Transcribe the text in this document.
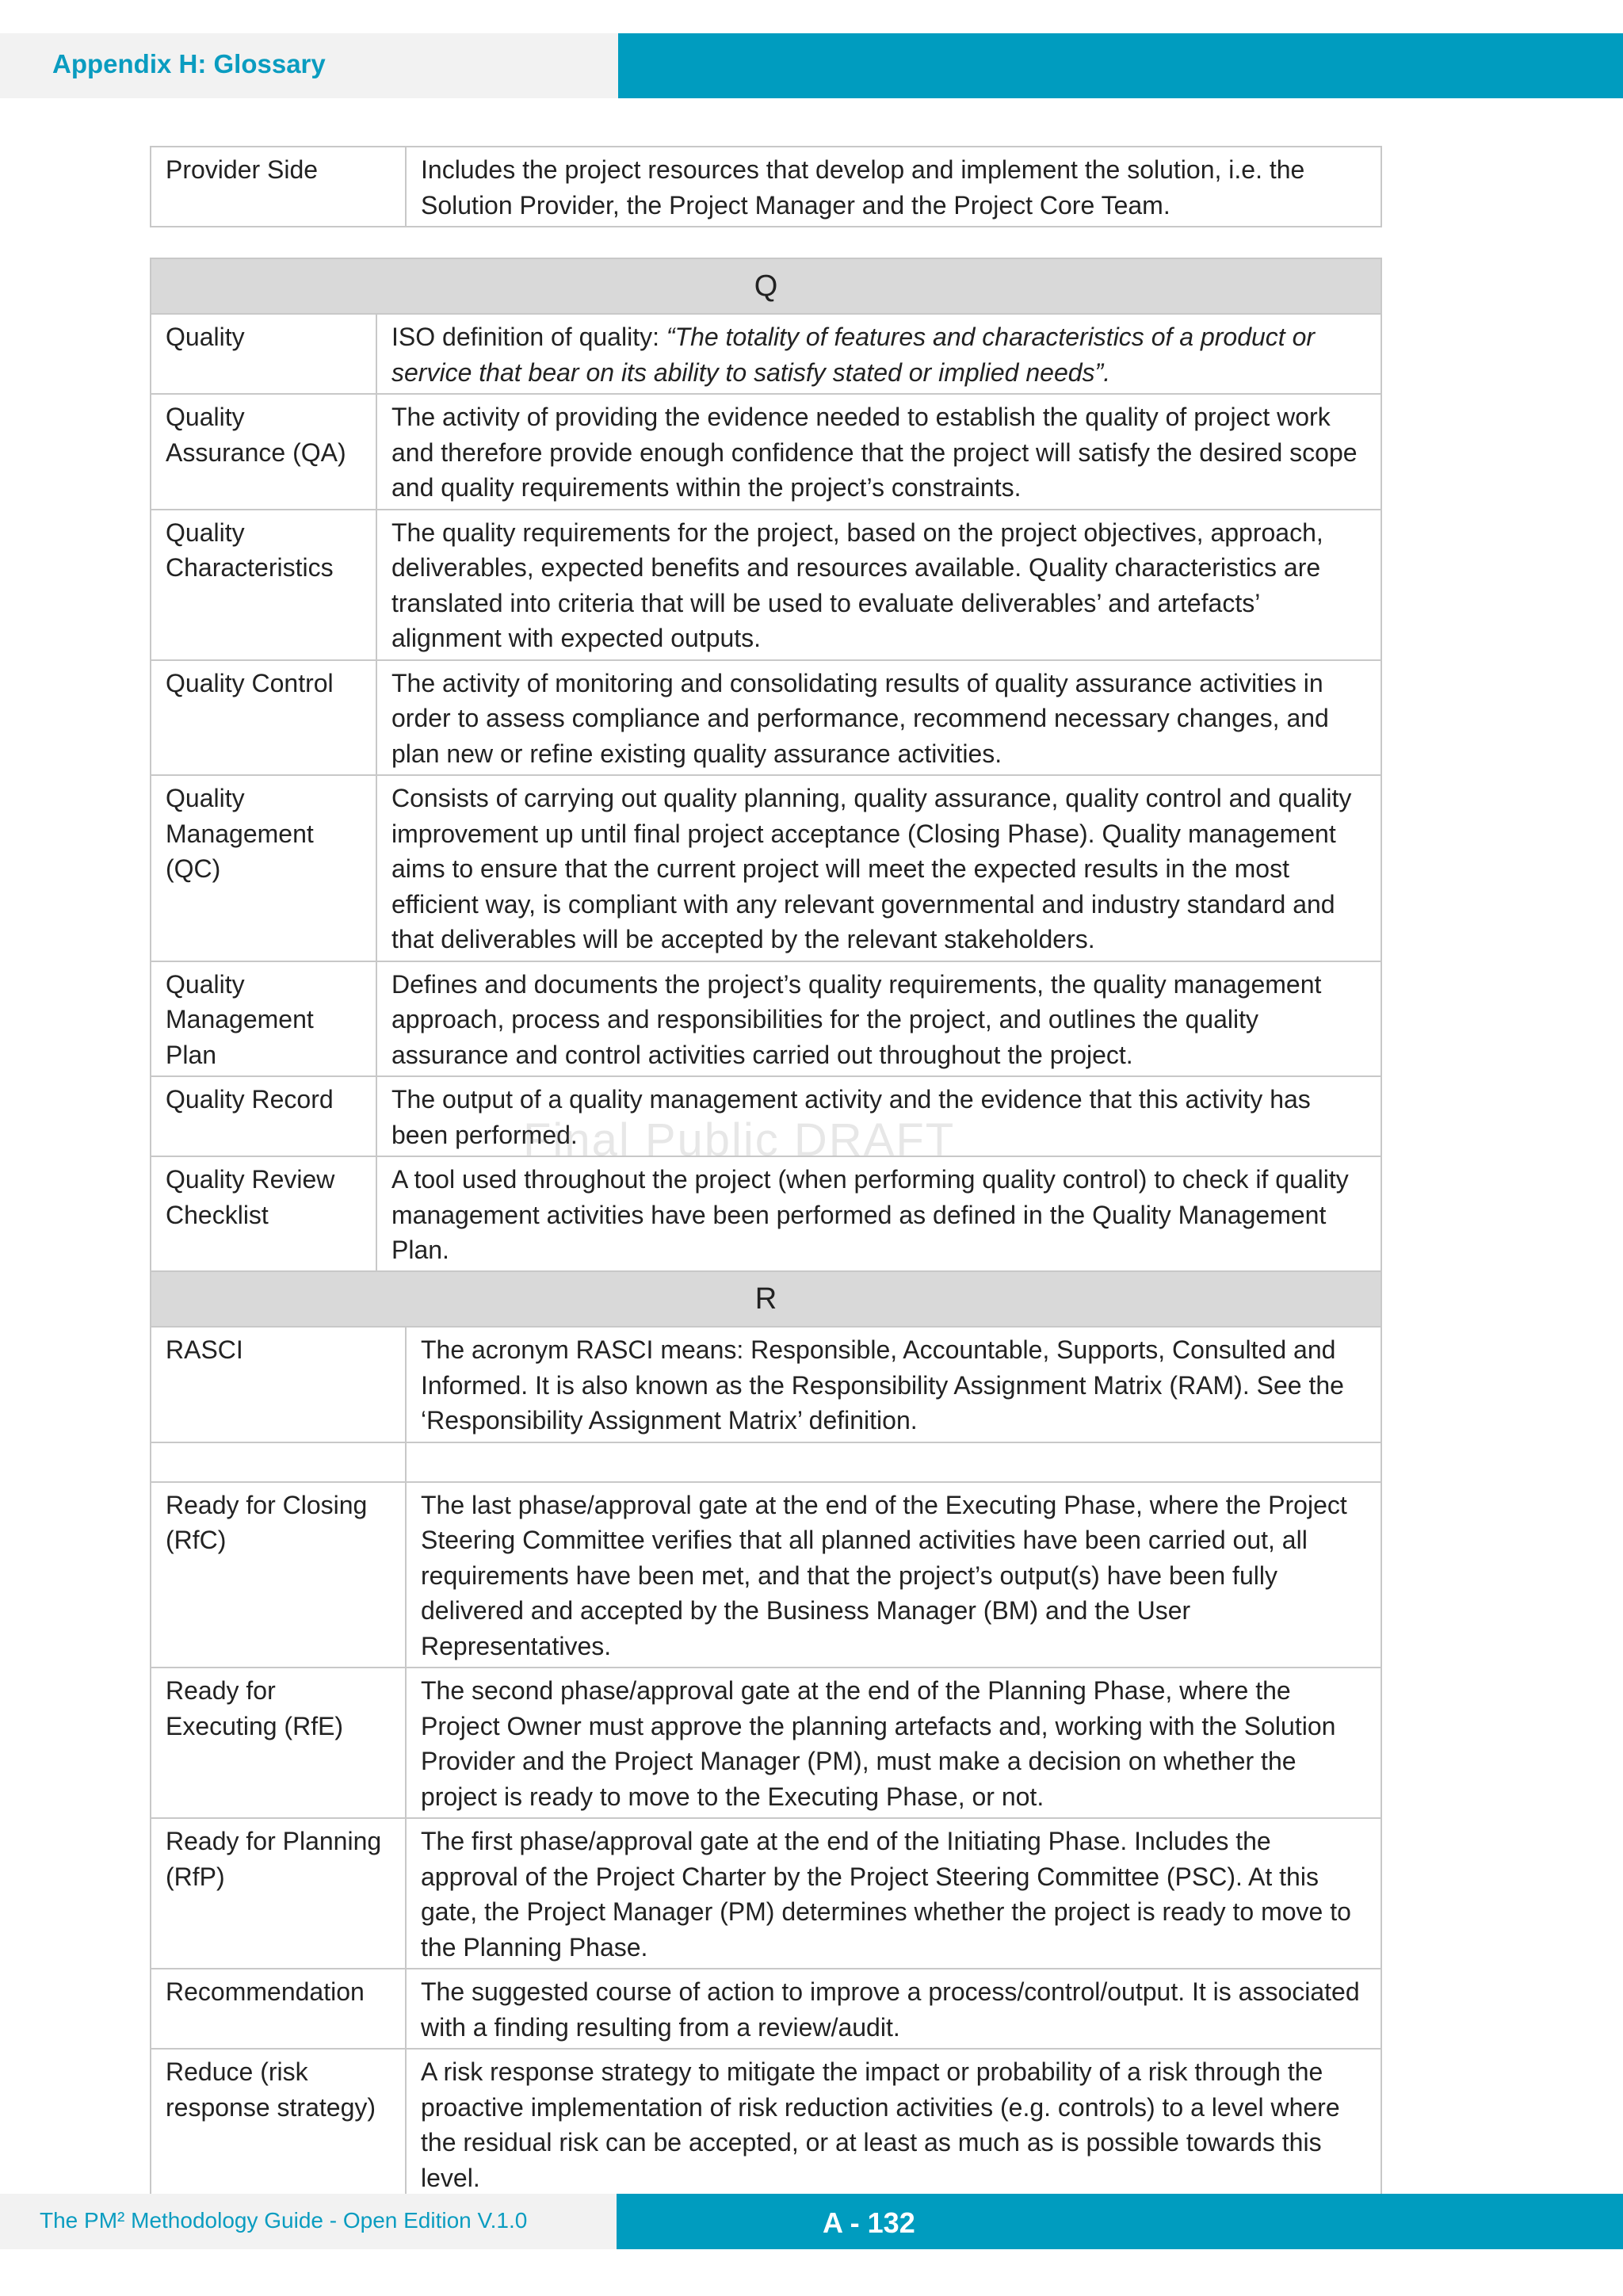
Appendix H: Glossary
Provider Side	Includes the project resources that develop and implement the solution, i.e. the Solution Provider, the Project Manager and the Project Core Team.
Q	
Quality	ISO definition of quality: “The totality of features and characteristics of a product or service that bear on its ability to satisfy stated or implied needs”.
Quality Assurance (QA)	The activity of providing the evidence needed to establish the quality of project work and therefore provide enough confidence that the project will satisfy the desired scope and quality requirements within the project’s constraints.
Quality Characteristics	The quality requirements for the project, based on the project objectives, approach, deliverables, expected benefits and resources available. Quality characteristics are translated into criteria that will be used to evaluate deliverables’ and artefacts’ alignment with expected outputs.
Quality Control	The activity of monitoring and consolidating results of quality assurance activities in order to assess compliance and performance, recommend necessary changes, and plan new or refine existing quality assurance activities.
Quality Management (QC)	Consists of carrying out quality planning, quality assurance, quality control and quality improvement up until final project acceptance (Closing Phase). Quality management aims to ensure that the current project will meet the expected results in the most efficient way, is compliant with any relevant governmental and industry standard and that deliverables will be accepted by the relevant stakeholders.
Quality Management Plan	Defines and documents the project’s quality requirements, the quality management approach, process and responsibilities for the project, and outlines the quality assurance and control activities carried out throughout the project.
Quality Record	The output of a quality management activity and the evidence that this activity has been performed.
Quality Review Checklist	A tool used throughout the project (when performing quality control) to check if quality management activities have been performed as defined in the Quality Management Plan.
R	
RASCI	The acronym RASCI means: Responsible, Accountable, Supports, Consulted and Informed. It is also known as the Responsibility Assignment Matrix (RAM). See the ‘Responsibility Assignment Matrix’ definition.

Ready for Closing (RfC)	The last phase/approval gate at the end of the Executing Phase, where the Project Steering Committee verifies that all planned activities have been carried out, all requirements have been met, and that the project’s output(s) have been fully delivered and accepted by the Business Manager (BM) and the User Representatives.
Ready for Executing (RfE)	The second phase/approval gate at the end of the Planning Phase, where the Project Owner must approve the planning artefacts and, working with the Solution Provider and the Project Manager (PM), must make a decision on whether the project is ready to move to the Executing Phase, or not.
Ready for Planning (RfP)	The first phase/approval gate at the end of the Initiating Phase. Includes the approval of the Project Charter by the Project Steering Committee (PSC). At this gate, the Project Manager (PM) determines whether the project is ready to move to the Planning Phase.
Recommendation	The suggested course of action to improve a process/control/output. It is associated with a finding resulting from a review/audit.
Reduce (risk response strategy)	A risk response strategy to mitigate the impact or probability of a risk through the proactive implementation of risk reduction activities (e.g. controls) to a level where the residual risk can be accepted, or at least as much as is possible towards this level.
Final Public DRAFT
The PM² Methodology Guide - Open Edition V.1.0	A - 132
